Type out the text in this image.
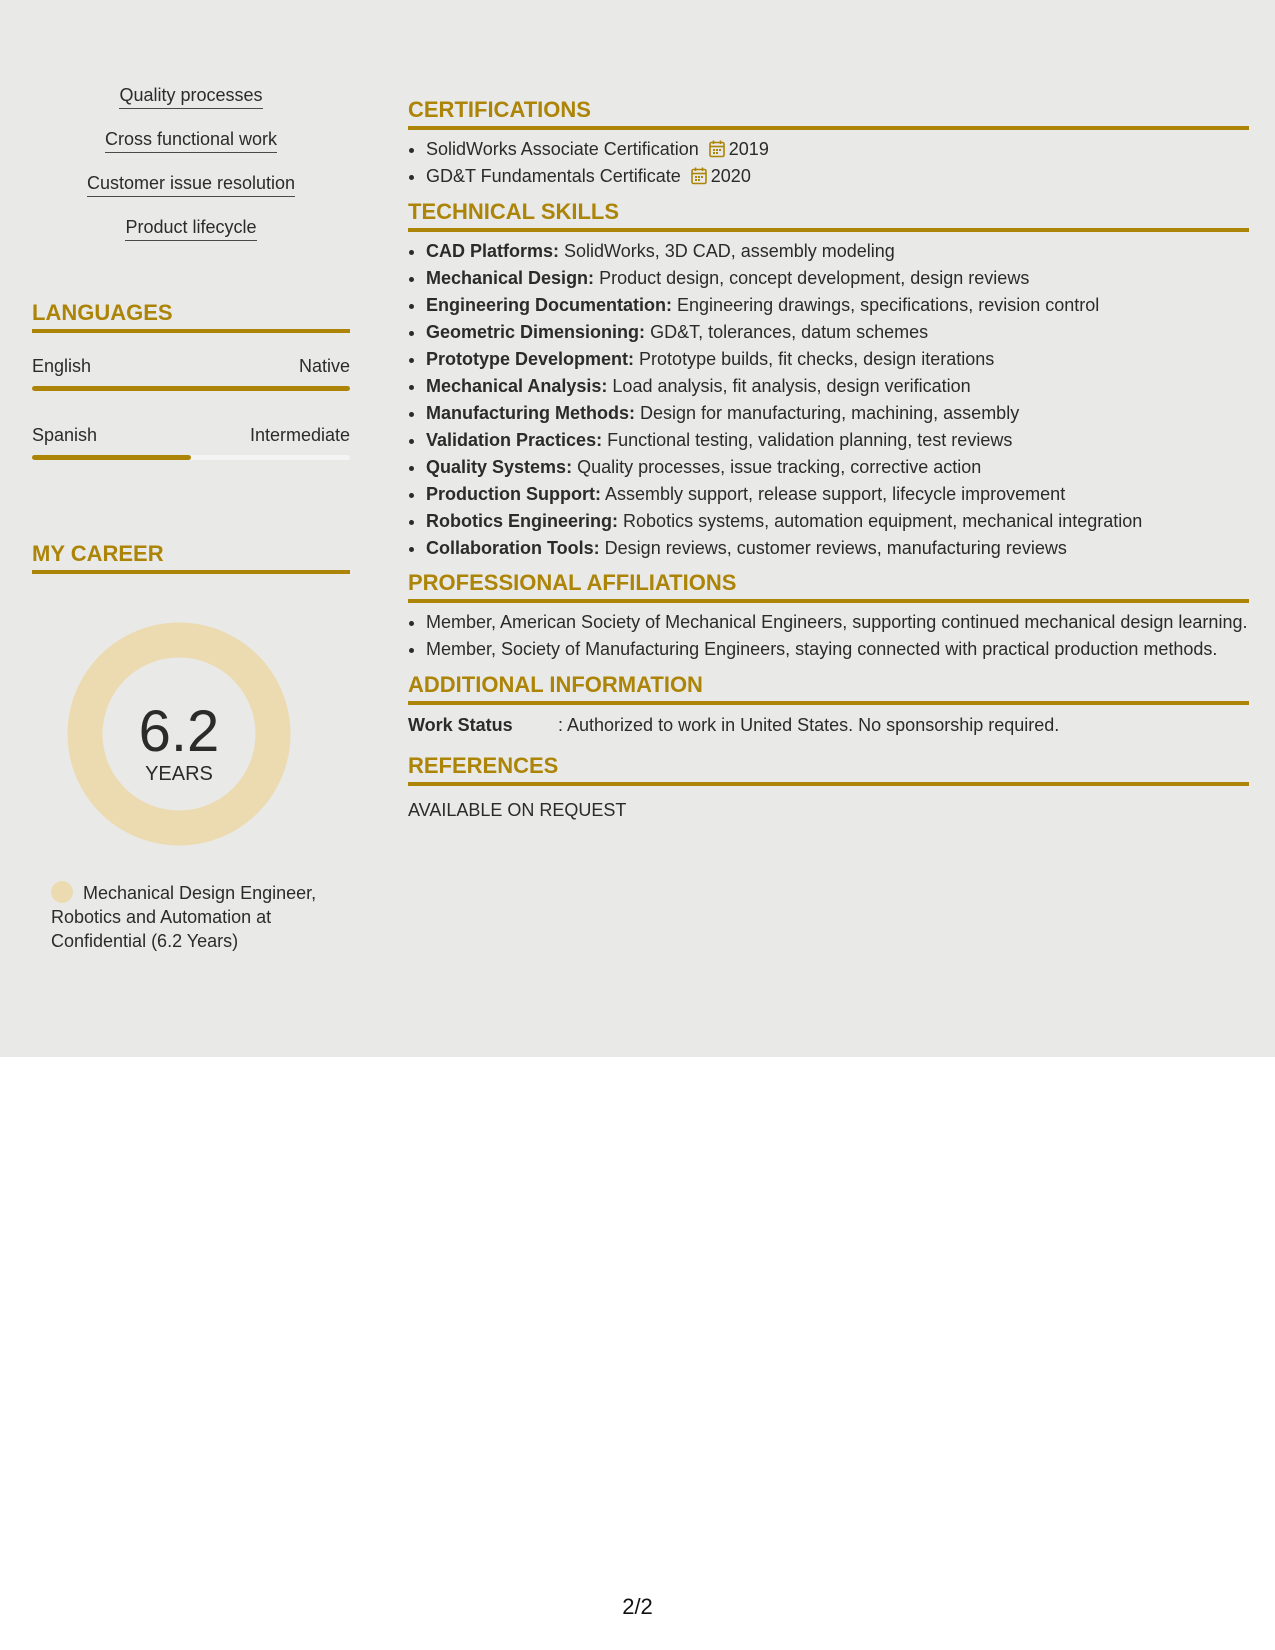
Quality processes
Cross functional work
Customer issue resolution
Product lifecycle
LANGUAGES
English	Native
Spanish	Intermediate
MY CAREER
6.2
YEARS
Mechanical Design Engineer, Robotics and Automation at Confidential (6.2 Years)
CERTIFICATIONS
• SolidWorks Associate Certification 2019
• GD&T Fundamentals Certificate 2020
TECHNICAL SKILLS
• CAD Platforms: SolidWorks, 3D CAD, assembly modeling
• Mechanical Design: Product design, concept development, design reviews
• Engineering Documentation: Engineering drawings, specifications, revision control
• Geometric Dimensioning: GD&T, tolerances, datum schemes
• Prototype Development: Prototype builds, fit checks, design iterations
• Mechanical Analysis: Load analysis, fit analysis, design verification
• Manufacturing Methods: Design for manufacturing, machining, assembly
• Validation Practices: Functional testing, validation planning, test reviews
• Quality Systems: Quality processes, issue tracking, corrective action
• Production Support: Assembly support, release support, lifecycle improvement
• Robotics Engineering: Robotics systems, automation equipment, mechanical integration
• Collaboration Tools: Design reviews, customer reviews, manufacturing reviews
PROFESSIONAL AFFILIATIONS
• Member, American Society of Mechanical Engineers, supporting continued mechanical design learning.
• Member, Society of Manufacturing Engineers, staying connected with practical production methods.
ADDITIONAL INFORMATION
Work Status	: Authorized to work in United States. No sponsorship required.
REFERENCES
AVAILABLE ON REQUEST
2/2
